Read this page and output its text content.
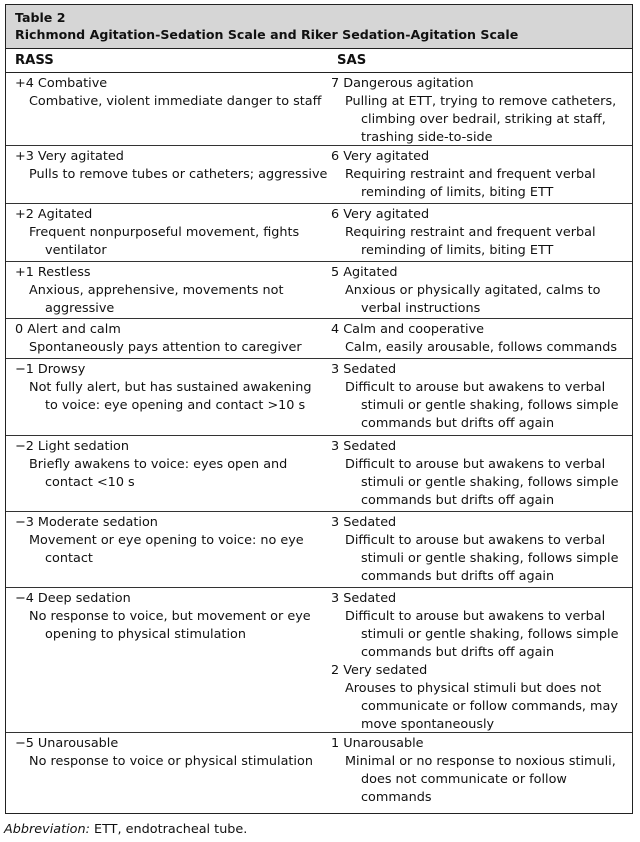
Table 2
Richmond Agitation-Sedation Scale and Riker Sedation-Agitation Scale
RASS	SAS
+4 Combative
Combative, violent immediate danger to staff
7 Dangerous agitation
Pulling at ETT, trying to remove catheters, climbing over bedrail, striking at staff, trashing side-to-side
+3 Very agitated
Pulls to remove tubes or catheters; aggressive
6 Very agitated
Requiring restraint and frequent verbal reminding of limits, biting ETT
+2 Agitated
Frequent nonpurposeful movement, fights ventilator
6 Very agitated
Requiring restraint and frequent verbal reminding of limits, biting ETT
+1 Restless
Anxious, apprehensive, movements not aggressive
5 Agitated
Anxious or physically agitated, calms to verbal instructions
0 Alert and calm
Spontaneously pays attention to caregiver
4 Calm and cooperative
Calm, easily arousable, follows commands
−1 Drowsy
Not fully alert, but has sustained awakening to voice: eye opening and contact >10 s
3 Sedated
Difficult to arouse but awakens to verbal stimuli or gentle shaking, follows simple commands but drifts off again
−2 Light sedation
Briefly awakens to voice: eyes open and contact <10 s
3 Sedated
Difficult to arouse but awakens to verbal stimuli or gentle shaking, follows simple commands but drifts off again
−3 Moderate sedation
Movement or eye opening to voice: no eye contact
3 Sedated
Difficult to arouse but awakens to verbal stimuli or gentle shaking, follows simple commands but drifts off again
−4 Deep sedation
No response to voice, but movement or eye opening to physical stimulation
3 Sedated
Difficult to arouse but awakens to verbal stimuli or gentle shaking, follows simple commands but drifts off again
2 Very sedated
Arouses to physical stimuli but does not communicate or follow commands, may move spontaneously
−5 Unarousable
No response to voice or physical stimulation
1 Unarousable
Minimal or no response to noxious stimuli, does not communicate or follow commands
Abbreviation: ETT, endotracheal tube.
